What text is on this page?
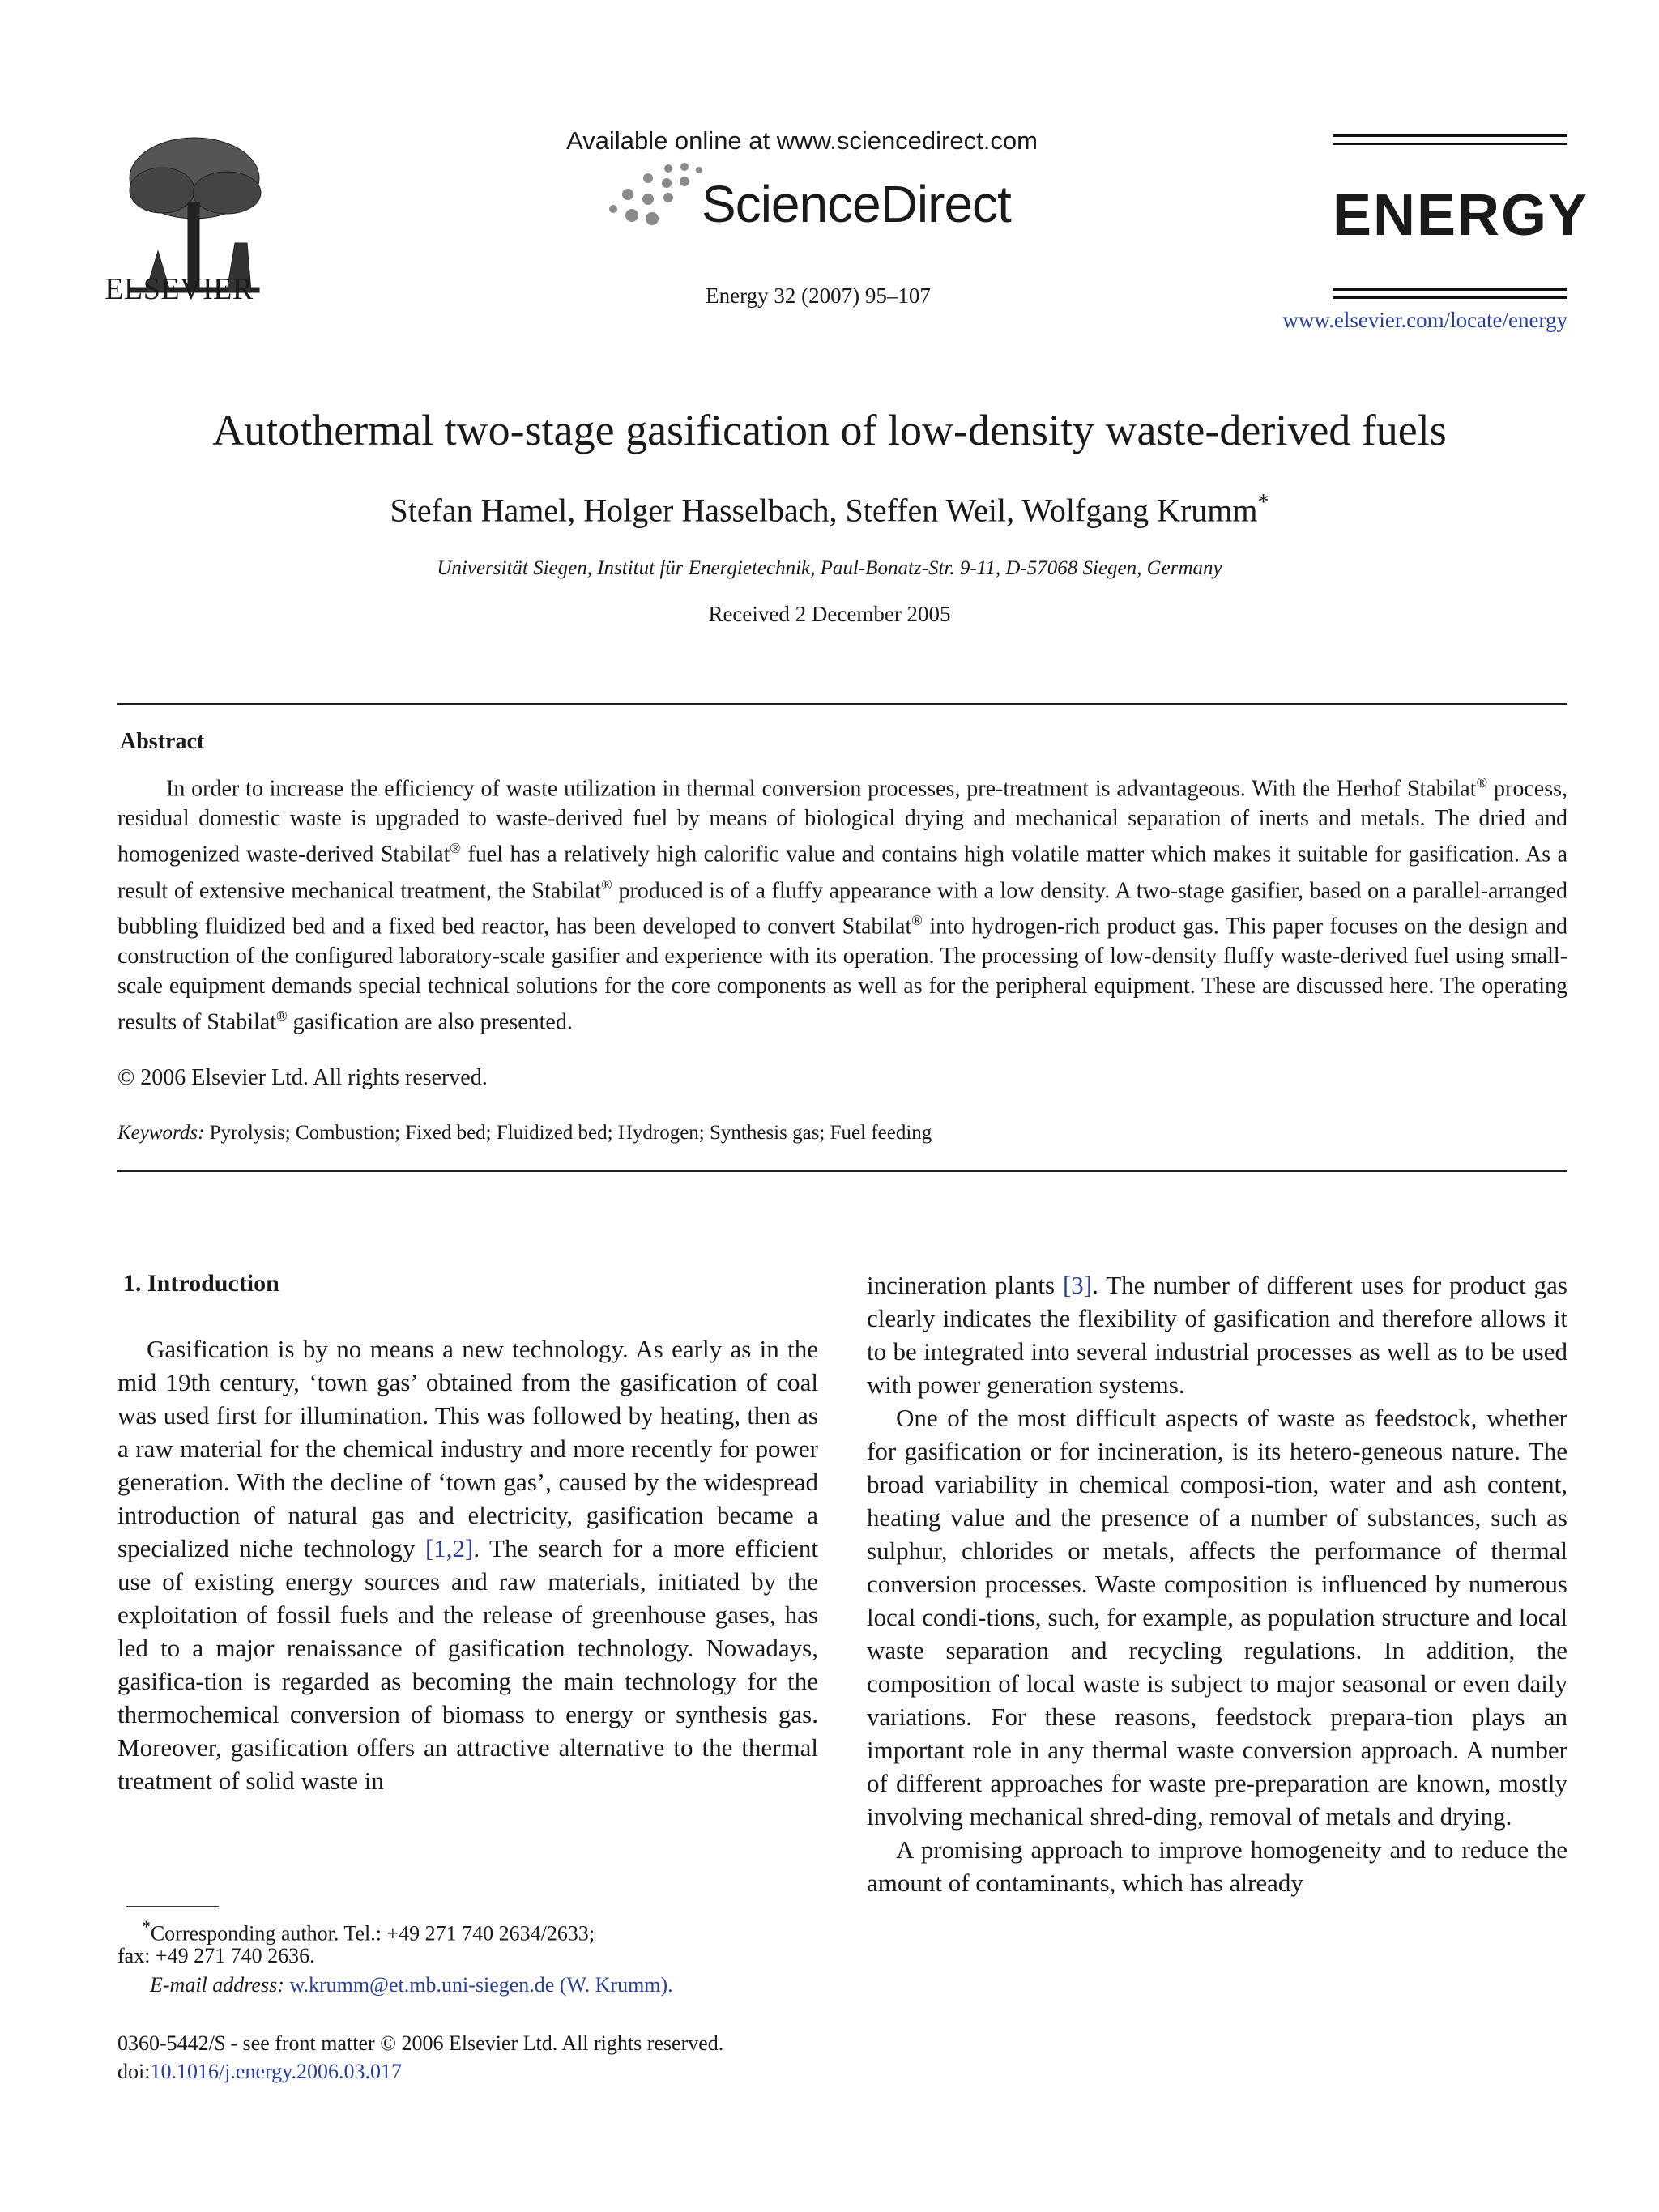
ELSEVIER
Available online at www.sciencedirect.com
ScienceDirect
Energy 32 (2007) 95–107
ENERGY
www.elsevier.com/locate/energy
Autothermal two-stage gasification of low-density waste-derived fuels
Stefan Hamel, Holger Hasselbach, Steffen Weil, Wolfgang Krumm*
Universität Siegen, Institut für Energietechnik, Paul-Bonatz-Str. 9-11, D-57068 Siegen, Germany
Received 2 December 2005
Abstract
In order to increase the efficiency of waste utilization in thermal conversion processes, pre-treatment is advantageous. With the Herhof Stabilat® process, residual domestic waste is upgraded to waste-derived fuel by means of biological drying and mechanical separation of inerts and metals. The dried and homogenized waste-derived Stabilat® fuel has a relatively high calorific value and contains high volatile matter which makes it suitable for gasification. As a result of extensive mechanical treatment, the Stabilat® produced is of a fluffy appearance with a low density. A two-stage gasifier, based on a parallel-arranged bubbling fluidized bed and a fixed bed reactor, has been developed to convert Stabilat® into hydrogen-rich product gas. This paper focuses on the design and construction of the configured laboratory-scale gasifier and experience with its operation. The processing of low-density fluffy waste-derived fuel using small-scale equipment demands special technical solutions for the core components as well as for the peripheral equipment. These are discussed here. The operating results of Stabilat® gasification are also presented.
© 2006 Elsevier Ltd. All rights reserved.
Keywords: Pyrolysis; Combustion; Fixed bed; Fluidized bed; Hydrogen; Synthesis gas; Fuel feeding
1. Introduction

Gasification is by no means a new technology. As early as in the mid 19th century, ‘town gas’ obtained from the gasification of coal was used first for illumination. This was followed by heating, then as a raw material for the chemical industry and more recently for power generation. With the decline of ‘town gas’, caused by the widespread introduction of natural gas and electricity, gasification became a specialized niche technology [1,2]. The search for a more efficient use of existing energy sources and raw materials, initiated by the exploitation of fossil fuels and the release of greenhouse gases, has led to a major renaissance of gasification technology. Nowadays, gasifica-tion is regarded as becoming the main technology for the thermochemical conversion of biomass to energy or synthesis gas. Moreover, gasification offers an attractive alternative to the thermal treatment of solid waste in

incineration plants [3]. The number of different uses for product gas clearly indicates the flexibility of gasification and therefore allows it to be integrated into several industrial processes as well as to be used with power generation systems.

One of the most difficult aspects of waste as feedstock, whether for gasification or for incineration, is its hetero-geneous nature. The broad variability in chemical composi-tion, water and ash content, heating value and the presence of a number of substances, such as sulphur, chlorides or metals, affects the performance of thermal conversion processes. Waste composition is influenced by numerous local condi-tions, such, for example, as population structure and local waste separation and recycling regulations. In addition, the composition of local waste is subject to major seasonal or even daily variations. For these reasons, feedstock prepara-tion plays an important role in any thermal waste conversion approach. A number of different approaches for waste pre-preparation are known, mostly involving mechanical shred-ding, removal of metals and drying.

A promising approach to improve homogeneity and to reduce the amount of contaminants, which has already

*Corresponding author. Tel.: +49 271 740 2634/2633;
fax: +49 271 740 2636.
E-mail address: w.krumm@et.mb.uni-siegen.de (W. Krumm).
0360-5442/$ - see front matter © 2006 Elsevier Ltd. All rights reserved.
doi:10.1016/j.energy.2006.03.017
